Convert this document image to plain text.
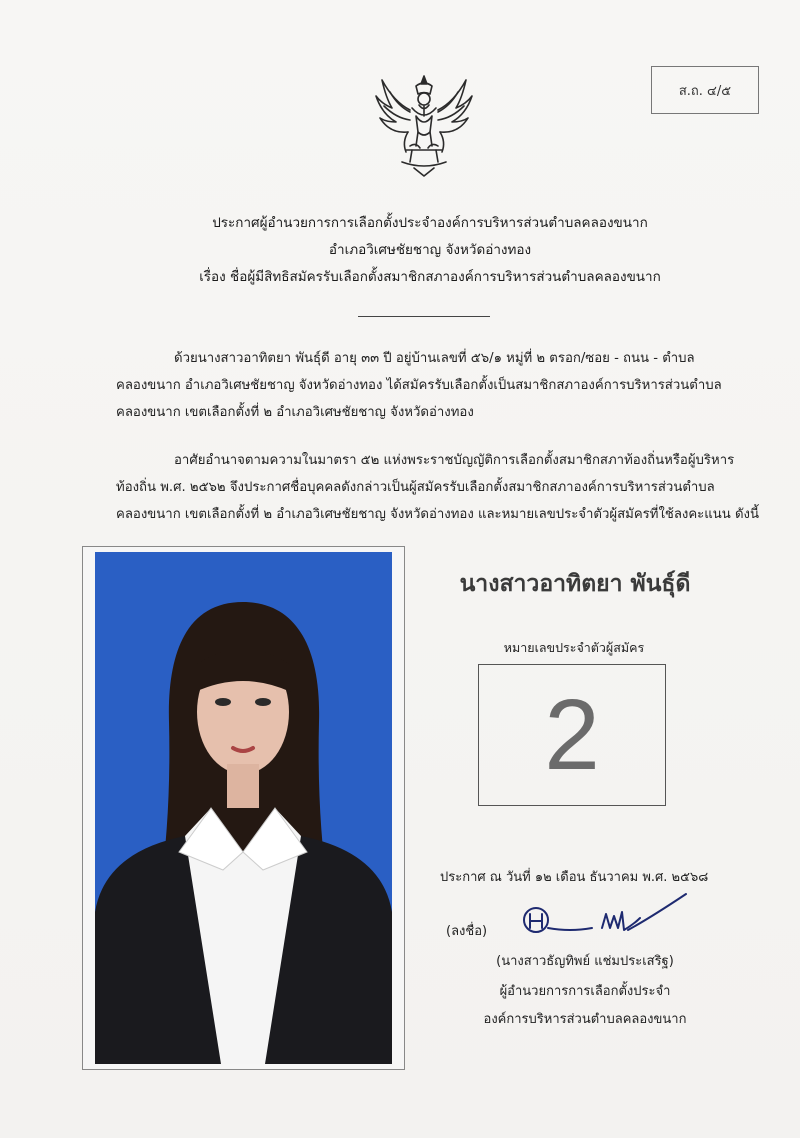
ส.ถ. ๔/๕
ประกาศผู้อำนวยการการเลือกตั้งประจำองค์การบริหารส่วนตำบลคลองขนาก
อำเภอวิเศษชัยชาญ จังหวัดอ่างทอง
เรื่อง ชื่อผู้มีสิทธิสมัครรับเลือกตั้งสมาชิกสภาองค์การบริหารส่วนตำบลคลองขนาก
ด้วยนางสาวอาทิตยา พันธุ์ดี อายุ ๓๓ ปี อยู่บ้านเลขที่ ๕๖/๑ หมู่ที่ ๒ ตรอก/ซอย - ถนน - ตำบล
คลองขนาก อำเภอวิเศษชัยชาญ จังหวัดอ่างทอง ได้สมัครรับเลือกตั้งเป็นสมาชิกสภาองค์การบริหารส่วนตำบล
คลองขนาก เขตเลือกตั้งที่ ๒ อำเภอวิเศษชัยชาญ จังหวัดอ่างทอง
อาศัยอำนาจตามความในมาตรา ๕๒ แห่งพระราชบัญญัติการเลือกตั้งสมาชิกสภาท้องถิ่นหรือผู้บริหาร
ท้องถิ่น พ.ศ. ๒๕๖๒ จึงประกาศชื่อบุคคลดังกล่าวเป็นผู้สมัครรับเลือกตั้งสมาชิกสภาองค์การบริหารส่วนตำบล
คลองขนาก เขตเลือกตั้งที่ ๒ อำเภอวิเศษชัยชาญ จังหวัดอ่างทอง และหมายเลขประจำตัวผู้สมัครที่ใช้ลงคะแนน ดังนี้
นางสาวอาทิตยา พันธุ์ดี
หมายเลขประจำตัวผู้สมัคร
2
ประกาศ ณ วันที่ ๑๒ เดือน ธันวาคม พ.ศ. ๒๕๖๘
(ลงชื่อ)
(นางสาวธัญทิพย์ แช่มประเสริฐ)
ผู้อำนวยการการเลือกตั้งประจำ
องค์การบริหารส่วนตำบลคลองขนาก
